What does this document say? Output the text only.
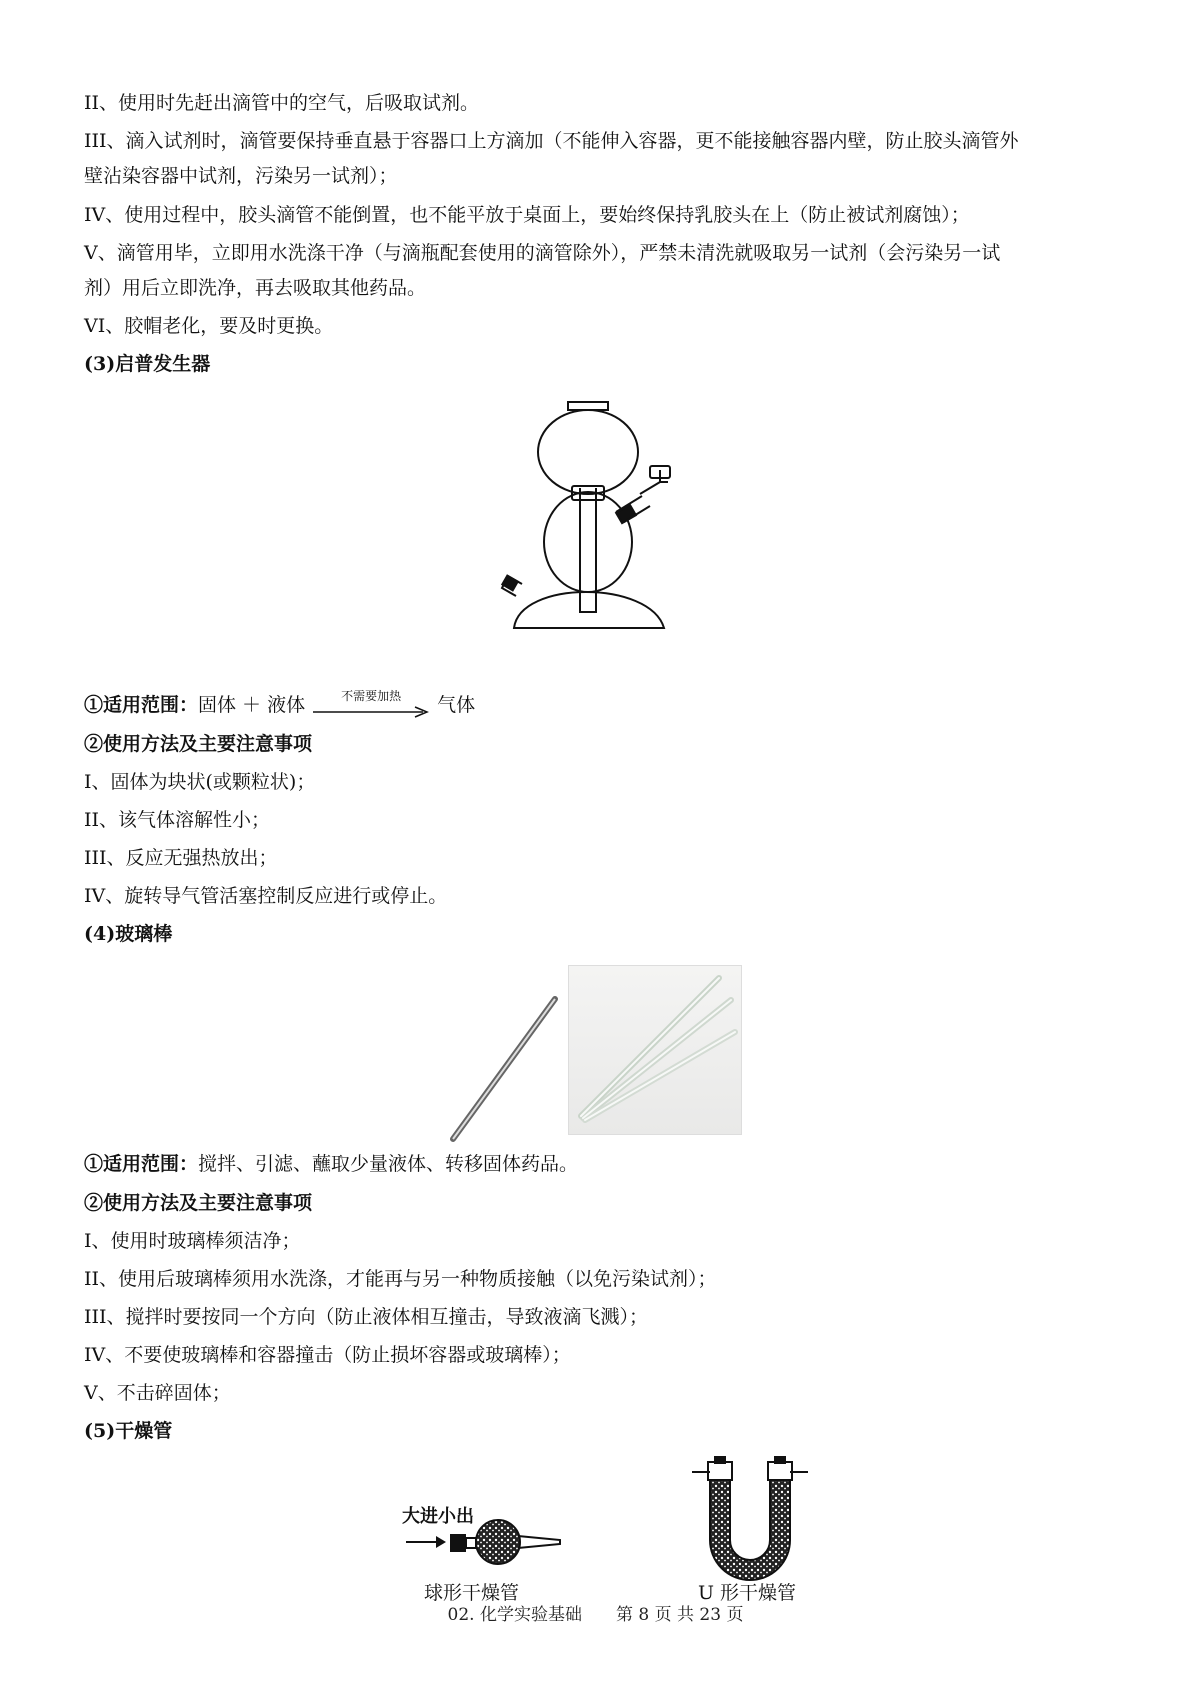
II、使用时先赶出滴管中的空气，后吸取试剂。
III、滴入试剂时，滴管要保持垂直悬于容器口上方滴加（不能伸入容器，更不能接触容器内壁，防止胶头滴管外
壁沾染容器中试剂，污染另一试剂）；
IV、使用过程中，胶头滴管不能倒置，也不能平放于桌面上，要始终保持乳胶头在上（防止被试剂腐蚀）；
V、滴管用毕，立即用水洗涤干净（与滴瓶配套使用的滴管除外），严禁未清洗就吸取另一试剂（会污染另一试
剂）用后立即洗净，再去吸取其他药品。
VI、胶帽老化，要及时更换。
(3)启普发生器
①适用范围：固体 ＋ 液体	不需要加热	气体
②使用方法及主要注意事项
I、固体为块状(或颗粒状)；
II、该气体溶解性小；
III、反应无强热放出；
IV、旋转导气管活塞控制反应进行或停止。
(4)玻璃棒
①适用范围：搅拌、引滤、蘸取少量液体、转移固体药品。
②使用方法及主要注意事项
I、使用时玻璃棒须洁净；
II、使用后玻璃棒须用水洗涤，才能再与另一种物质接触（以免污染试剂）；
III、搅拌时要按同一个方向（防止液体相互撞击，导致液滴飞溅）；
IV、不要使玻璃棒和容器撞击（防止损坏容器或玻璃棒）；
V、不击碎固体；
(5)干燥管
大进小出
球形干燥管	U 形干燥管
02. 化学实验基础　　第 8 页 共 23 页
